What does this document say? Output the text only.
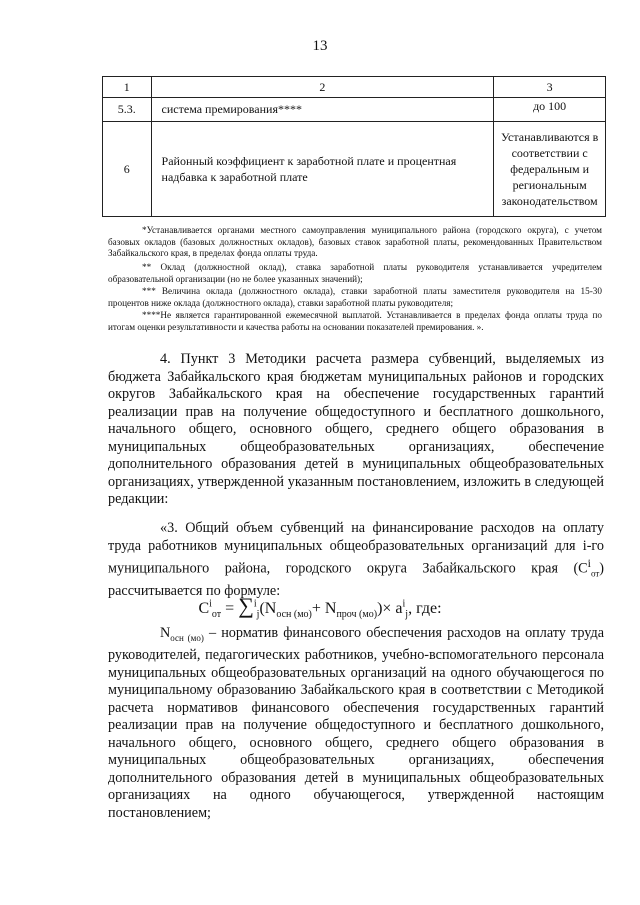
13
1	2	3
5.3.	система премирования****	до 100
6	Районный коэффициент к заработной плате и процентная надбавка к заработной плате	Устанавливаются в соответствии с федеральным и региональным законодательством

*Устанавливается органами местного самоуправления муниципального района (городского округа), с учетом базовых окладов (базовых должностных окладов), базовых ставок заработной платы, рекомендованных Правительством Забайкальского края, в пределах фонда оплаты труда.

** Оклад (должностной оклад), ставка заработной платы руководителя устанавливается учредителем образовательной организации (но не более указанных значений);

*** Величина оклада (должностного оклада), ставки заработной платы заместителя руководителя на 15-30 процентов ниже оклада (должностного оклада), ставки заработной платы руководителя;

****Не является гарантированной ежемесячной выплатой. Устанавливается в пределах фонда оплаты труда по итогам оценки результативности и качества работы на основании показателей премирования. ».

4. Пункт 3 Методики расчета размера субвенций, выделяемых из бюджета Забайкальского края бюджетам муниципальных районов и городских округов Забайкальского края на обеспечение государственных гарантий реализации прав на получение общедоступного и бесплатного дошкольного, начального общего, основного общего, среднего общего образования в муниципальных общеобразовательных организациях, обеспечение дополнительного образования детей в муниципальных общеобразовательных организациях, утвержденной указанным постановлением, изложить в следующей редакции:

«3. Общий объем субвенций на финансирование расходов на оплату труда работников муниципальных общеобразовательных организаций для i-го муниципального района, городского округа Забайкальского края $(C^i_{от})$ рассчитывается по формуле:

$C^i_{от} = \sum^i_j(N_{осн (мо)}+ N_{проч (мо)})\times a^i_j$, где:

$N_{осн (мо)}$ – норматив финансового обеспечения расходов на оплату труда руководителей, педагогических работников, учебно-вспомогательного персонала муниципальных общеобразовательных организаций на одного обучающегося по муниципальному образованию Забайкальского края в соответствии с Методикой расчета нормативов финансового обеспечения государственных гарантий реализации прав на получение общедоступного и бесплатного дошкольного, начального общего, основного общего, среднего общего образования в муниципальных общеобразовательных организациях, обеспечения дополнительного образования детей в муниципальных общеобразовательных организациях на одного обучающегося, утвержденной настоящим постановлением;
